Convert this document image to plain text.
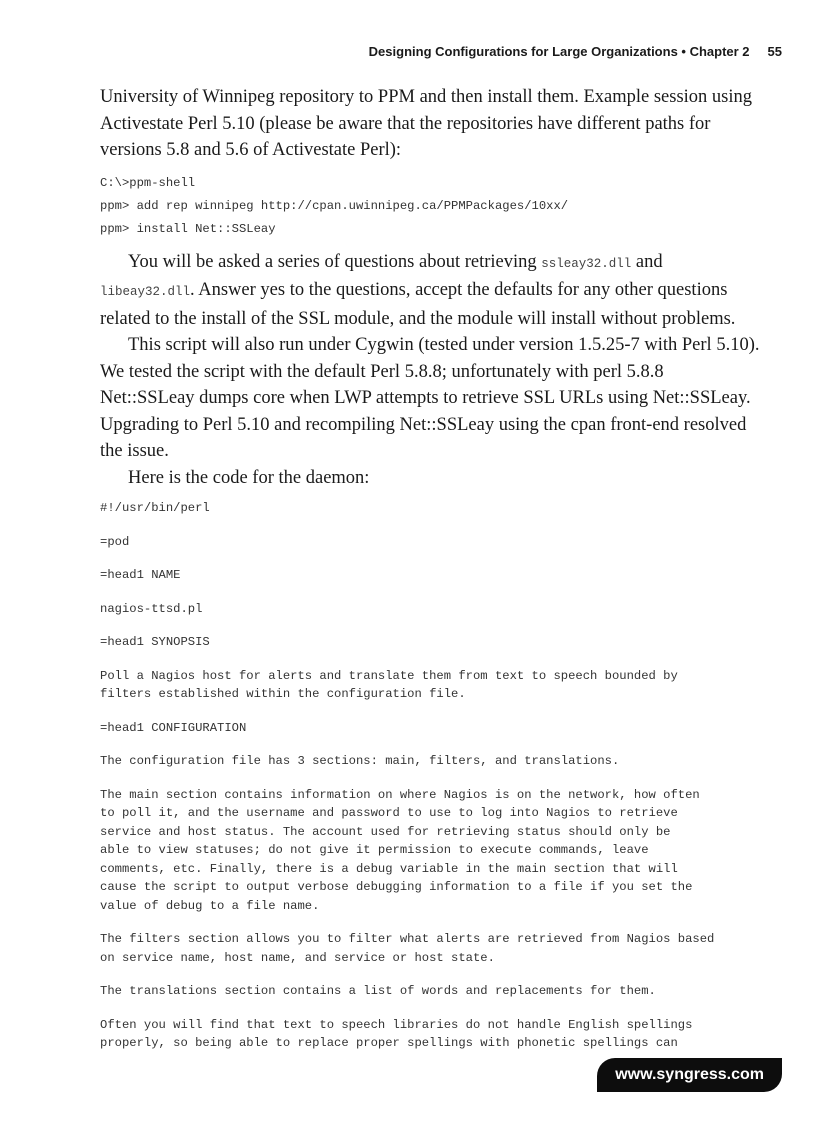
Designing Configurations for Large Organizations • Chapter 2 55

University of Winnipeg repository to PPM and then install them. Example session using Activestate Perl 5.10 (please be aware that the repositories have different paths for versions 5.8 and 5.6 of Activestate Perl):

C:\>ppm-shell
ppm> add rep winnipeg http://cpan.uwinnipeg.ca/PPMPackages/10xx/
ppm> install Net::SSLeay

You will be asked a series of questions about retrieving ssleay32.dll and libeay32.dll. Answer yes to the questions, accept the defaults for any other questions related to the install of the SSL module, and the module will install without problems.

This script will also run under Cygwin (tested under version 1.5.25-7 with Perl 5.10). We tested the script with the default Perl 5.8.8; unfortunately with perl 5.8.8 Net::SSLeay dumps core when LWP attempts to retrieve SSL URLs using Net::SSLeay. Upgrading to Perl 5.10 and recompiling Net::SSLeay using the cpan front-end resolved the issue.

Here is the code for the daemon:

#!/usr/bin/perl
=pod
=head1 NAME
nagios-ttsd.pl
=head1 SYNOPSIS
Poll a Nagios host for alerts and translate them from text to speech bounded by
filters established within the configuration file.
=head1 CONFIGURATION
The configuration file has 3 sections: main, filters, and translations.
The main section contains information on where Nagios is on the network, how often
to poll it, and the username and password to use to log into Nagios to retrieve
service and host status. The account used for retrieving status should only be
able to view statuses; do not give it permission to execute commands, leave
comments, etc. Finally, there is a debug variable in the main section that will
cause the script to output verbose debugging information to a file if you set the
value of debug to a file name.
The filters section allows you to filter what alerts are retrieved from Nagios based
on service name, host name, and service or host state.
The translations section contains a list of words and replacements for them.
Often you will find that text to speech libraries do not handle English spellings
properly, so being able to replace proper spellings with phonetic spellings can
www.syngress.com
